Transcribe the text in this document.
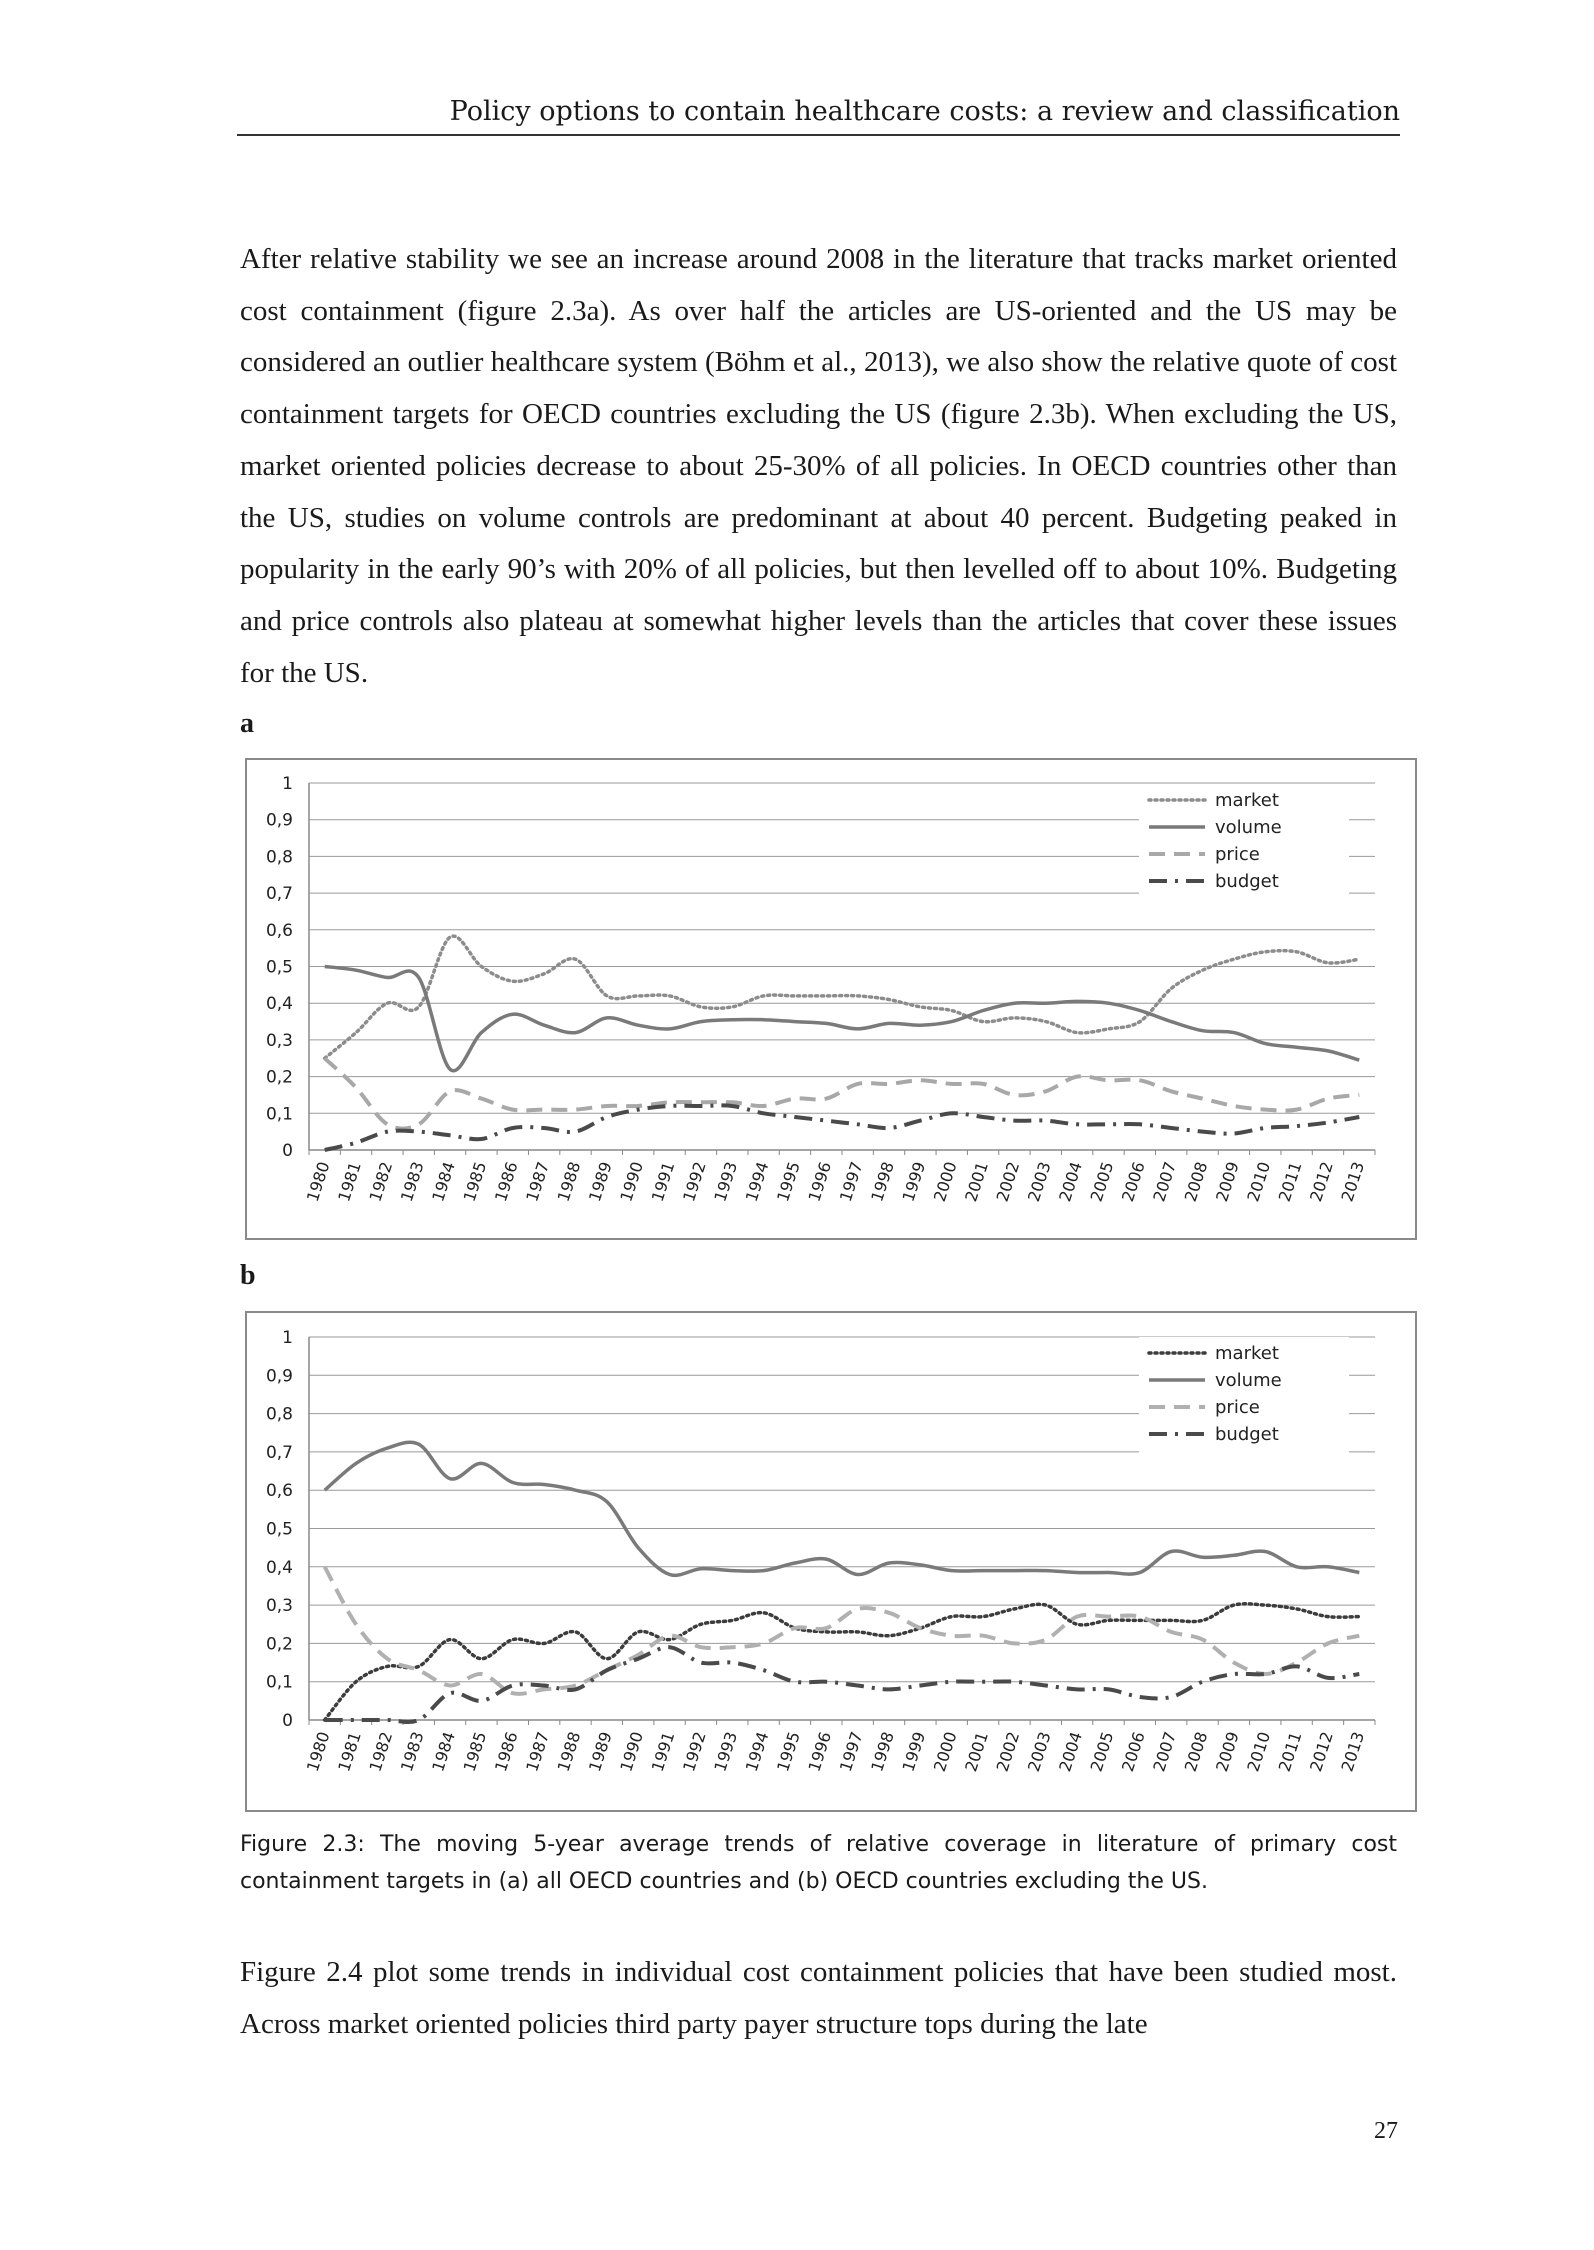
Policy options to contain healthcare costs: a review and classification

After relative stability we see an increase around 2008 in the literature that tracks market oriented cost containment (figure 2.3a). As over half the articles are US-oriented and the US may be considered an outlier healthcare system (Böhm et al., 2013), we also show the relative quote of cost containment targets for OECD countries excluding the US (figure 2.3b). When excluding the US, market oriented policies decrease to about 25-30% of all policies. In OECD countries other than the US, studies on volume controls are predominant at about 40 percent. Budgeting peaked in popularity in the early 90’s with 20% of all policies, but then levelled off to about 10%. Budgeting and price controls also plateau at somewhat higher levels than the articles that cover these issues for the US.

a
0
0,1
0,2
0,3
0,4
0,5
0,6
0,7
0,8
0,9
1
1980 1981 1982 1983 1984 1985 1986 1987 1988 1989 1990 1991 1992 1993 1994 1995 1996 1997 1998 1999 2000 2001 2002 2003 2004 2005 2006 2007 2008 2009 2010 2011 2012 2013
market
volume
price
budget
b
0
0,1
0,2
0,3
0,4
0,5
0,6
0,7
0,8
0,9
1
1980 1981 1982 1983 1984 1985 1986 1987 1988 1989 1990 1991 1992 1993 1994 1995 1996 1997 1998 1999 2000 2001 2002 2003 2004 2005 2006 2007 2008 2009 2010 2011 2012 2013
market
volume
price
budget

Figure 2.3: The moving 5-year average trends of relative coverage in literature of primary cost containment targets in (a) all OECD countries and (b) OECD countries excluding the US.

Figure 2.4 plot some trends in individual cost containment policies that have been studied most. Across market oriented policies third party payer structure tops during the late

27
